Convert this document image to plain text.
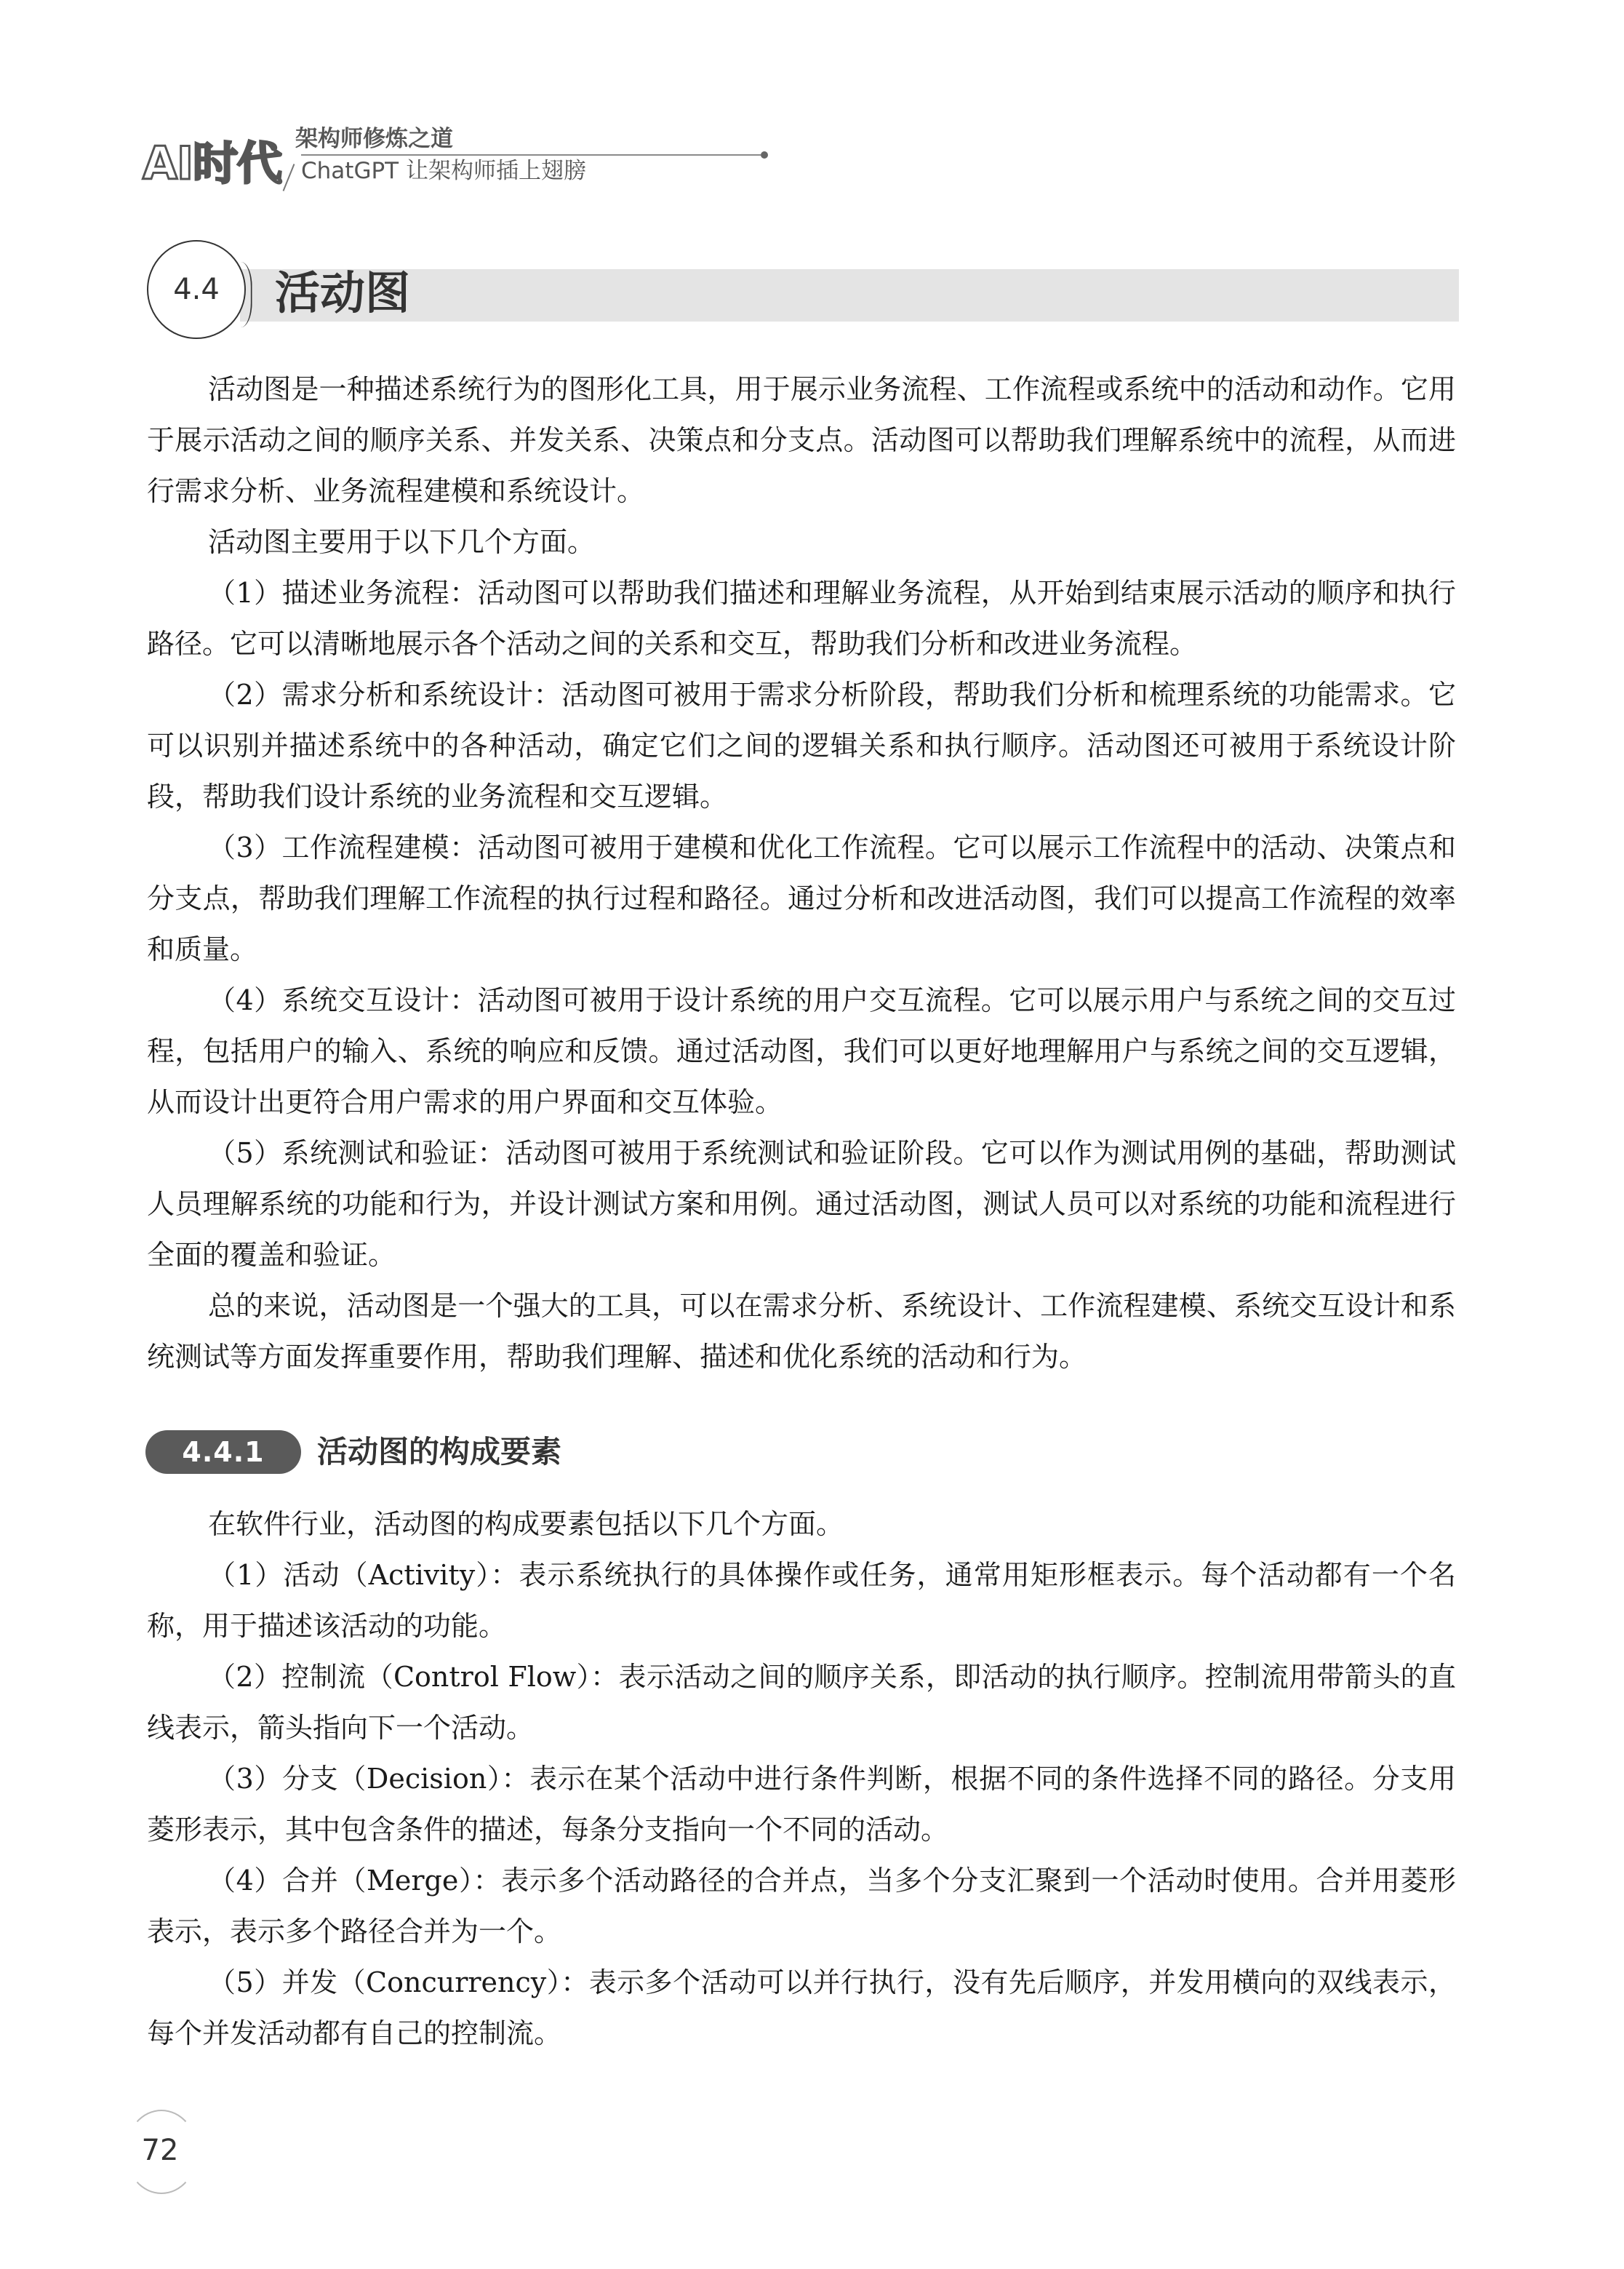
AI时代 架构师修炼之道
ChatGPT 让架构师插上翅膀
4.4	活动图

活动图是一种描述系统行为的图形化工具，用于展示业务流程、工作流程或系统中的活动和动作。它用于展示活动之间的顺序关系、并发关系、决策点和分支点。活动图可以帮助我们理解系统中的流程，从而进行需求分析、业务流程建模和系统设计。

活动图主要用于以下几个方面。

（1）描述业务流程：活动图可以帮助我们描述和理解业务流程，从开始到结束展示活动的顺序和执行路径。它可以清晰地展示各个活动之间的关系和交互，帮助我们分析和改进业务流程。

（2）需求分析和系统设计：活动图可被用于需求分析阶段，帮助我们分析和梳理系统的功能需求。它可以识别并描述系统中的各种活动，确定它们之间的逻辑关系和执行顺序。活动图还可被用于系统设计阶段，帮助我们设计系统的业务流程和交互逻辑。

（3）工作流程建模：活动图可被用于建模和优化工作流程。它可以展示工作流程中的活动、决策点和分支点，帮助我们理解工作流程的执行过程和路径。通过分析和改进活动图，我们可以提高工作流程的效率和质量。

（4）系统交互设计：活动图可被用于设计系统的用户交互流程。它可以展示用户与系统之间的交互过程，包括用户的输入、系统的响应和反馈。通过活动图，我们可以更好地理解用户与系统之间的交互逻辑，从而设计出更符合用户需求的用户界面和交互体验。

（5）系统测试和验证：活动图可被用于系统测试和验证阶段。它可以作为测试用例的基础，帮助测试人员理解系统的功能和行为，并设计测试方案和用例。通过活动图，测试人员可以对系统的功能和流程进行全面的覆盖和验证。

总的来说，活动图是一个强大的工具，可以在需求分析、系统设计、工作流程建模、系统交互设计和系统测试等方面发挥重要作用，帮助我们理解、描述和优化系统的活动和行为。

4.4.1	活动图的构成要素

在软件行业，活动图的构成要素包括以下几个方面。

（1）活动（Activity）：表示系统执行的具体操作或任务，通常用矩形框表示。每个活动都有一个名称，用于描述该活动的功能。

（2）控制流（Control Flow）：表示活动之间的顺序关系，即活动的执行顺序。控制流用带箭头的直线表示，箭头指向下一个活动。

（3）分支（Decision）：表示在某个活动中进行条件判断，根据不同的条件选择不同的路径。分支用菱形表示，其中包含条件的描述，每条分支指向一个不同的活动。

（4）合并（Merge）：表示多个活动路径的合并点，当多个分支汇聚到一个活动时使用。合并用菱形表示，表示多个路径合并为一个。

（5）并发（Concurrency）：表示多个活动可以并行执行，没有先后顺序，并发用横向的双线表示，每个并发活动都有自己的控制流。

72
